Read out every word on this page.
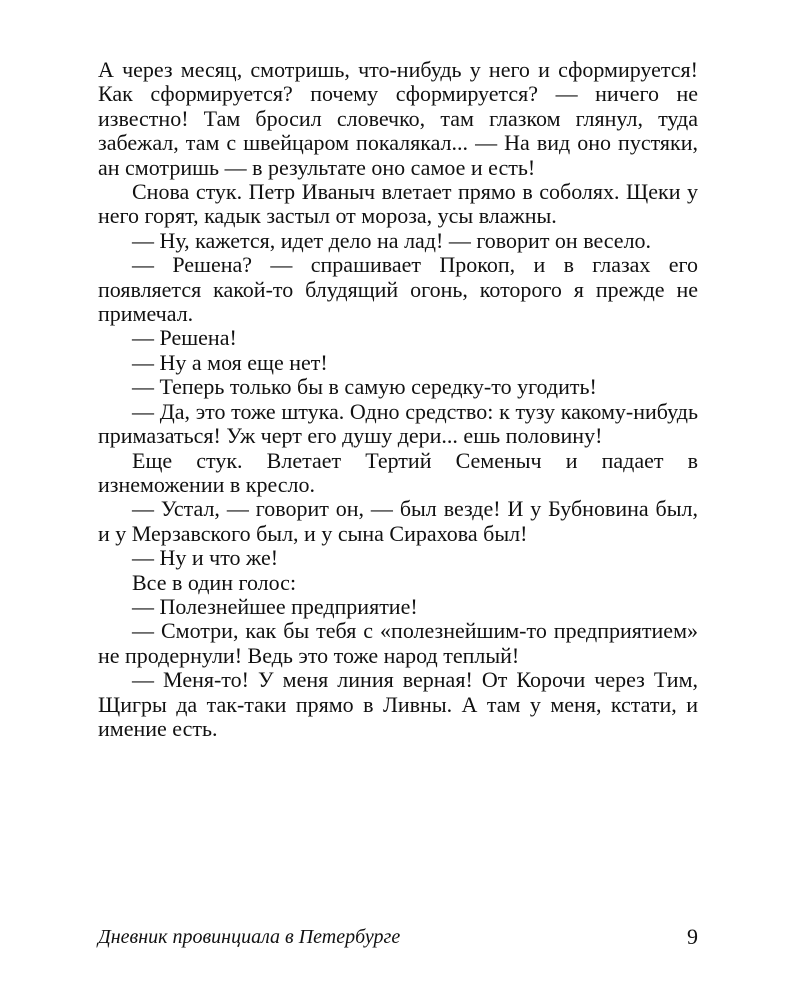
А через месяц, смотришь, что-нибудь у него и сформируется! Как сформируется? почему сформируется? — ничего не известно! Там бросил словечко, там глазком глянул, туда забежал, там с швейцаром покалякал... — На вид оно пустяки, ан смотришь — в результате оно самое и есть!

Снова стук. Петр Иваныч влетает прямо в соболях. Щеки у него горят, кадык застыл от мороза, усы влажны.

— Ну, кажется, идет дело на лад! — говорит он весело.

— Решена? — спрашивает Прокоп, и в глазах его появляется какой-то блудящий огонь, которого я прежде не примечал.

— Решена!

— Ну а моя еще нет!

— Теперь только бы в самую середку-то угодить!

— Да, это тоже штука. Одно средство: к тузу какому-нибудь примазаться! Уж черт его душу дери... ешь половину!

Еще стук. Влетает Тертий Семеныч и падает в изнеможении в кресло.

— Устал, — говорит он, — был везде! И у Бубновина был, и у Мерзавского был, и у сына Сирахова был!

— Ну и что же!

Все в один голос:

— Полезнейшее предприятие!

— Смотри, как бы тебя с «полезнейшим-то предприятием» не продернули! Ведь это тоже народ теплый!

— Меня-то! У меня линия верная! От Корочи через Тим, Щигры да так-таки прямо в Ливны. А там у меня, кстати, и имение есть.

Дневник провинциала в Петербурге	9
